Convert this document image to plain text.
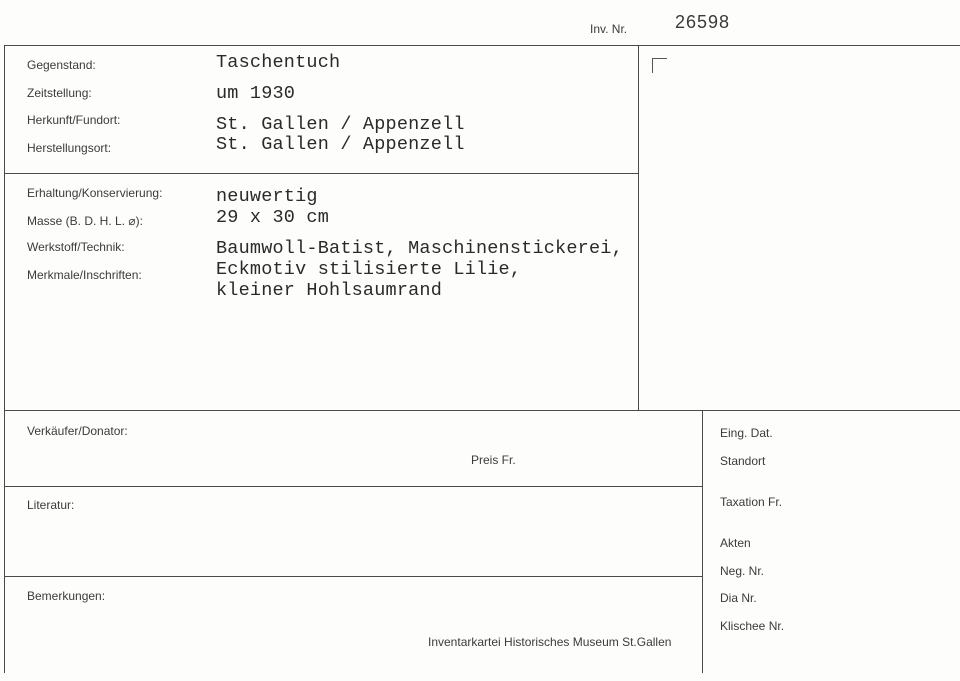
Inv. Nr.	26598
Gegenstand:	Taschentuch
Zeitstellung:	um 1930
Herkunft/Fundort:	St. Gallen / Appenzell
Herstellungsort:	St. Gallen / Appenzell
Erhaltung/Konservierung:	neuwertig
Masse (B. D. H. L. ⌀):	29 x 30 cm
Werkstoff/Technik:	Baumwoll-Batist, Maschinenstickerei,
Merkmale/Inschriften:	Eckmotiv stilisierte Lilie,
kleiner Hohlsaumrand
Verkäufer/Donator:
Preis Fr.
Literatur:
Bemerkungen:
Inventarkartei Historisches Museum St.Gallen
Eing. Dat.
Standort
Taxation Fr.
Akten
Neg. Nr.
Dia Nr.
Klischee Nr.
